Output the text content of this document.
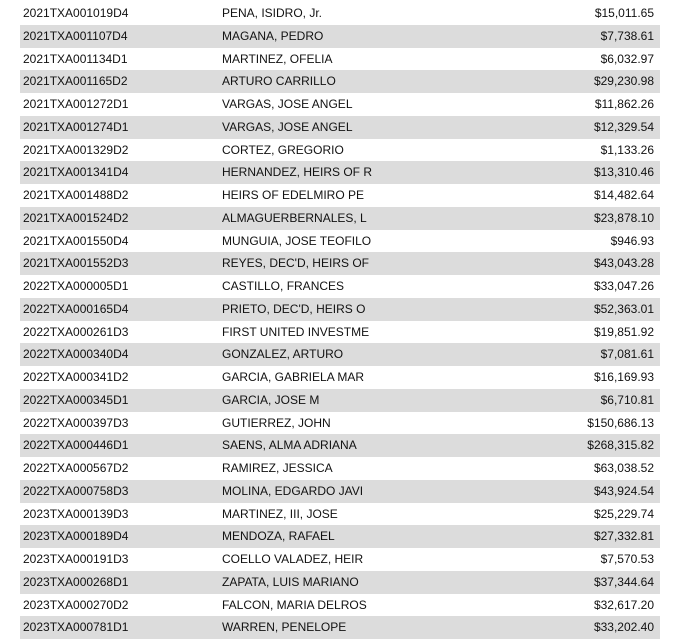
2021TXA001019D4	PENA, ISIDRO, Jr.	$15,011.65
2021TXA001107D4	MAGANA, PEDRO	$7,738.61
2021TXA001134D1	MARTINEZ, OFELIA	$6,032.97
2021TXA001165D2	ARTURO CARRILLO	$29,230.98
2021TXA001272D1	VARGAS, JOSE ANGEL	$11,862.26
2021TXA001274D1	VARGAS, JOSE ANGEL	$12,329.54
2021TXA001329D2	CORTEZ, GREGORIO	$1,133.26
2021TXA001341D4	HERNANDEZ, HEIRS OF R	$13,310.46
2021TXA001488D2	HEIRS OF EDELMIRO PE	$14,482.64
2021TXA001524D2	ALMAGUERBERNALES, L	$23,878.10
2021TXA001550D4	MUNGUIA, JOSE TEOFILO	$946.93
2021TXA001552D3	REYES, DEC'D, HEIRS OF	$43,043.28
2022TXA000005D1	CASTILLO, FRANCES	$33,047.26
2022TXA000165D4	PRIETO, DEC'D, HEIRS O	$52,363.01
2022TXA000261D3	FIRST UNITED INVESTME	$19,851.92
2022TXA000340D4	GONZALEZ, ARTURO	$7,081.61
2022TXA000341D2	GARCIA, GABRIELA MAR	$16,169.93
2022TXA000345D1	GARCIA, JOSE M	$6,710.81
2022TXA000397D3	GUTIERREZ, JOHN	$150,686.13
2022TXA000446D1	SAENS, ALMA ADRIANA	$268,315.82
2022TXA000567D2	RAMIREZ, JESSICA	$63,038.52
2022TXA000758D3	MOLINA, EDGARDO JAVI	$43,924.54
2023TXA000139D3	MARTINEZ, III, JOSE	$25,229.74
2023TXA000189D4	MENDOZA, RAFAEL	$27,332.81
2023TXA000191D3	COELLO VALADEZ, HEIR	$7,570.53
2023TXA000268D1	ZAPATA, LUIS MARIANO	$37,344.64
2023TXA000270D2	FALCON, MARIA DELROS	$32,617.20
2023TXA000781D1	WARREN, PENELOPE	$33,202.40
